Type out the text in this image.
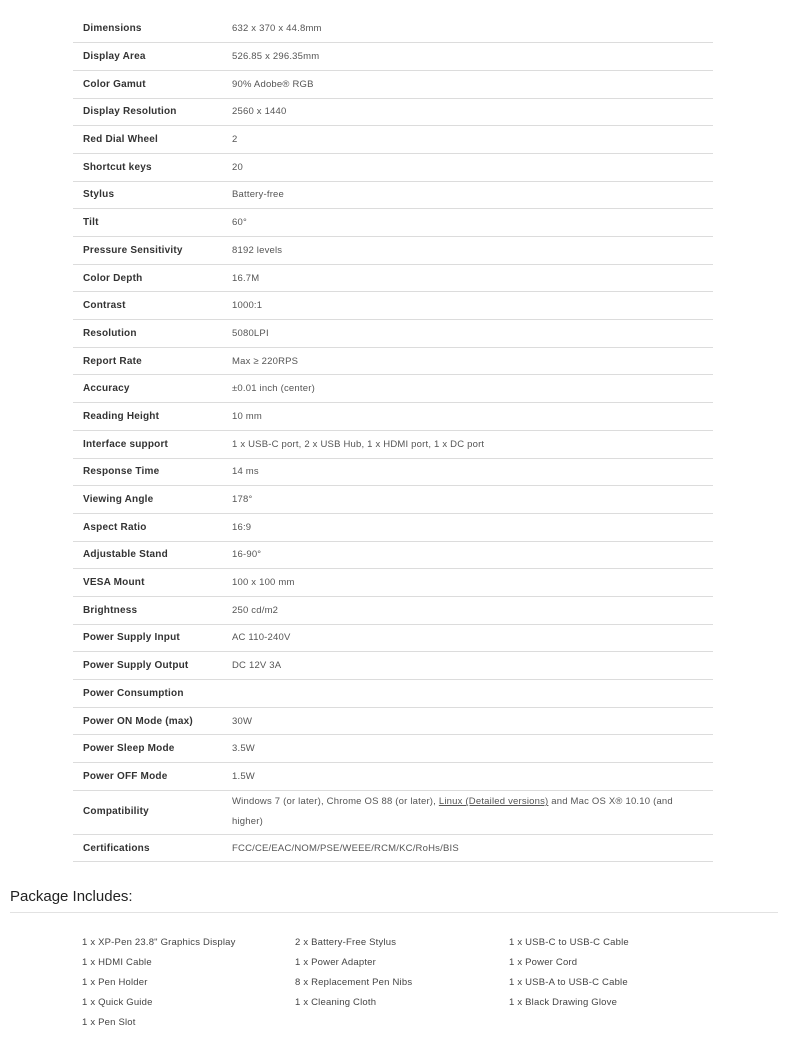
Dimensions	632 x 370 x 44.8mm
Display Area	526.85 x 296.35mm
Color Gamut	90% Adobe® RGB
Display Resolution	2560 x 1440
Red Dial Wheel	2
Shortcut keys	20
Stylus	Battery-free
Tilt	60°
Pressure Sensitivity	8192 levels
Color Depth	16.7M
Contrast	1000:1
Resolution	5080LPI
Report Rate	Max ≥ 220RPS
Accuracy	±0.01 inch (center)
Reading Height	10 mm
Interface support	1 x USB-C port, 2 x USB Hub, 1 x HDMI port, 1 x DC port
Response Time	14 ms
Viewing Angle	178°
Aspect Ratio	16:9
Adjustable Stand	16-90°
VESA Mount	100 x 100 mm
Brightness	250 cd/m2
Power Supply Input	AC 110-240V
Power Supply Output	DC 12V 3A
Power Consumption	
Power ON Mode (max)	30W
Power Sleep Mode	3.5W
Power OFF Mode	1.5W
Compatibility	Windows 7 (or later), Chrome OS 88 (or later), Linux (Detailed versions) and Mac OS X® 10.10 (and higher)
Certifications	FCC/CE/EAC/NOM/PSE/WEEE/RCM/KC/RoHs/BIS
Package Includes:
1 x XP-Pen 23.8" Graphics Display	2 x Battery-Free Stylus	1 x USB-C to USB-C Cable
1 x HDMI Cable	1 x Power Adapter	1 x Power Cord
1 x Pen Holder	8 x Replacement Pen Nibs	1 x USB-A to USB-C Cable
1 x Quick Guide	1 x Cleaning Cloth	1 x Black Drawing Glove
1 x Pen Slot
